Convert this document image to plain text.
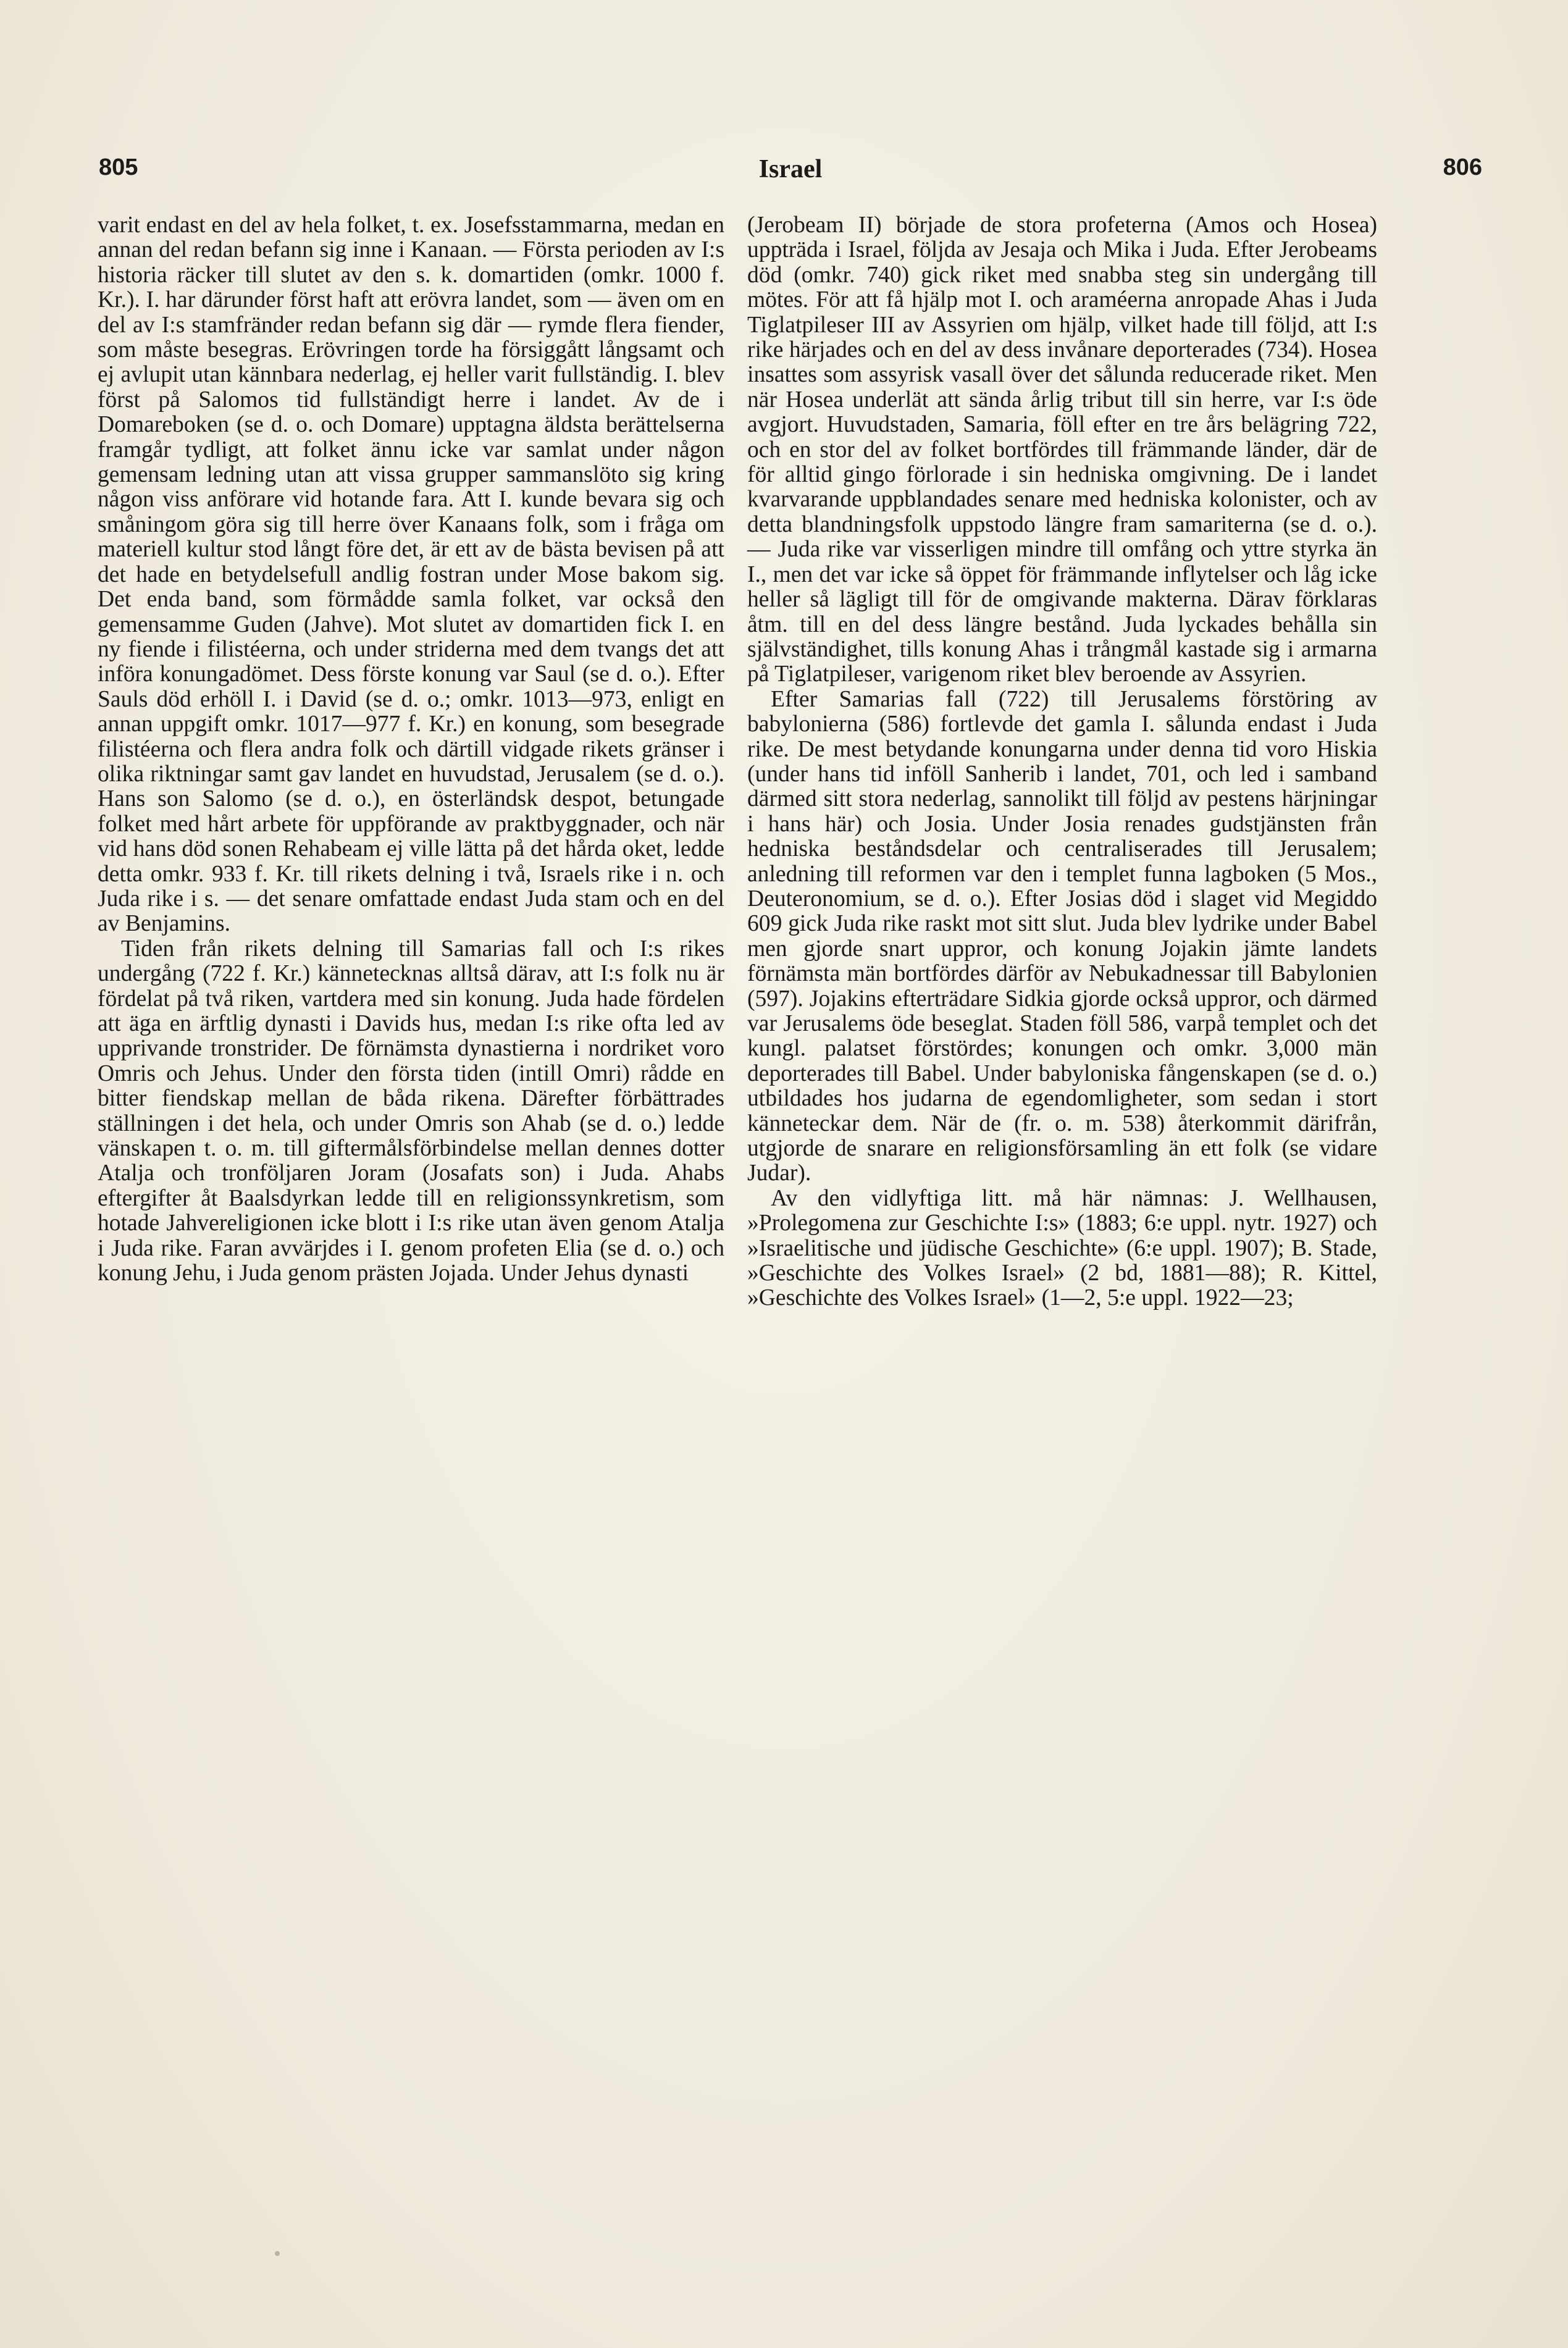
805	Israel	806

varit endast en del av hela folket, t. ex. Josefsstammarna, medan en annan del redan befann sig inne i Kanaan. — Första perioden av I:s historia räcker till slutet av den s. k. domartiden (omkr. 1000 f. Kr.). I. har därunder först haft att erövra landet, som — även om en del av I:s stamfränder redan befann sig där — rymde flera fiender, som måste besegras. Erövringen torde ha försiggått långsamt och ej avlupit utan kännbara nederlag, ej heller varit fullständig. I. blev först på Salomos tid fullständigt herre i landet. Av de i Domareboken (se d. o. och Domare) upptagna äldsta berättelserna framgår tydligt, att folket ännu icke var samlat under någon gemensam ledning utan att vissa grupper sammanslöto sig kring någon viss anförare vid hotande fara. Att I. kunde bevara sig och småningom göra sig till herre över Kanaans folk, som i fråga om materiell kultur stod långt före det, är ett av de bästa bevisen på att det hade en betydelsefull andlig fostran under Mose bakom sig. Det enda band, som förmådde samla folket, var också den gemensamme Guden (Jahve). Mot slutet av domartiden fick I. en ny fiende i filistéerna, och under striderna med dem tvangs det att införa konungadömet. Dess förste konung var Saul (se d. o.). Efter Sauls död erhöll I. i David (se d. o.; omkr. 1013—973, enligt en annan uppgift omkr. 1017—977 f. Kr.) en konung, som besegrade filistéerna och flera andra folk och därtill vidgade rikets gränser i olika riktningar samt gav landet en huvudstad, Jerusalem (se d. o.). Hans son Salomo (se d. o.), en österländsk despot, betungade folket med hårt arbete för uppförande av praktbyggnader, och när vid hans död sonen Rehabeam ej ville lätta på det hårda oket, ledde detta omkr. 933 f. Kr. till rikets delning i två, Israels rike i n. och Juda rike i s. — det senare omfattade endast Juda stam och en del av Benjamins.

Tiden från rikets delning till Samarias fall och I:s rikes undergång (722 f. Kr.) kännetecknas alltså därav, att I:s folk nu är fördelat på två riken, vartdera med sin konung. Juda hade fördelen att äga en ärftlig dynasti i Davids hus, medan I:s rike ofta led av upprivande tronstrider. De förnämsta dynastierna i nordriket voro Omris och Jehus. Under den första tiden (intill Omri) rådde en bitter fiendskap mellan de båda rikena. Därefter förbättrades ställningen i det hela, och under Omris son Ahab (se d. o.) ledde vänskapen t. o. m. till giftermålsförbindelse mellan dennes dotter Atalja och tronföljaren Joram (Josafats son) i Juda. Ahabs eftergifter åt Baalsdyrkan ledde till en religionssynkretism, som hotade Jahvereligionen icke blott i I:s rike utan även genom Atalja i Juda rike. Faran avvärjdes i I. genom profeten Elia (se d. o.) och konung Jehu, i Juda genom prästen Jojada. Under Jehus dynasti

(Jerobeam II) började de stora profeterna (Amos och Hosea) uppträda i Israel, följda av Jesaja och Mika i Juda. Efter Jerobeams död (omkr. 740) gick riket med snabba steg sin undergång till mötes. För att få hjälp mot I. och araméerna anropade Ahas i Juda Tiglatpileser III av Assyrien om hjälp, vilket hade till följd, att I:s rike härjades och en del av dess invånare deporterades (734). Hosea insattes som assyrisk vasall över det sålunda reducerade riket. Men när Hosea underlät att sända årlig tribut till sin herre, var I:s öde avgjort. Huvudstaden, Samaria, föll efter en tre års belägring 722, och en stor del av folket bortfördes till främmande länder, där de för alltid gingo förlorade i sin hedniska omgivning. De i landet kvarvarande uppblandades senare med hedniska kolonister, och av detta blandningsfolk uppstodo längre fram samariterna (se d. o.). — Juda rike var visserligen mindre till omfång och yttre styrka än I., men det var icke så öppet för främmande inflytelser och låg icke heller så lägligt till för de omgivande makterna. Därav förklaras åtm. till en del dess längre bestånd. Juda lyckades behålla sin självständighet, tills konung Ahas i trångmål kastade sig i armarna på Tiglatpileser, varigenom riket blev beroende av Assyrien.

Efter Samarias fall (722) till Jerusalems förstöring av babylonierna (586) fortlevde det gamla I. sålunda endast i Juda rike. De mest betydande konungarna under denna tid voro Hiskia (under hans tid inföll Sanherib i landet, 701, och led i samband därmed sitt stora nederlag, sannolikt till följd av pestens härjningar i hans här) och Josia. Under Josia renades gudstjänsten från hedniska beståndsdelar och centraliserades till Jerusalem; anledning till reformen var den i templet funna lagboken (5 Mos., Deuteronomium, se d. o.). Efter Josias död i slaget vid Megiddo 609 gick Juda rike raskt mot sitt slut. Juda blev lydrike under Babel men gjorde snart uppror, och konung Jojakin jämte landets förnämsta män bortfördes därför av Nebukadnessar till Babylonien (597). Jojakins efterträdare Sidkia gjorde också uppror, och därmed var Jerusalems öde beseglat. Staden föll 586, varpå templet och det kungl. palatset förstördes; konungen och omkr. 3,000 män deporterades till Babel. Under babyloniska fångenskapen (se d. o.) utbildades hos judarna de egendomligheter, som sedan i stort känneteckar dem. När de (fr. o. m. 538) återkommit därifrån, utgjorde de snarare en religionsförsamling än ett folk (se vidare Judar).

Av den vidlyftiga litt. må här nämnas: J. Wellhausen, »Prolegomena zur Geschichte I:s» (1883; 6:e uppl. nytr. 1927) och »Israelitische und jüdische Geschichte» (6:e uppl. 1907); B. Stade, »Geschichte des Volkes Israel» (2 bd, 1881—88); R. Kittel, »Geschichte des Volkes Israel» (1—2, 5:e uppl. 1922—23;
